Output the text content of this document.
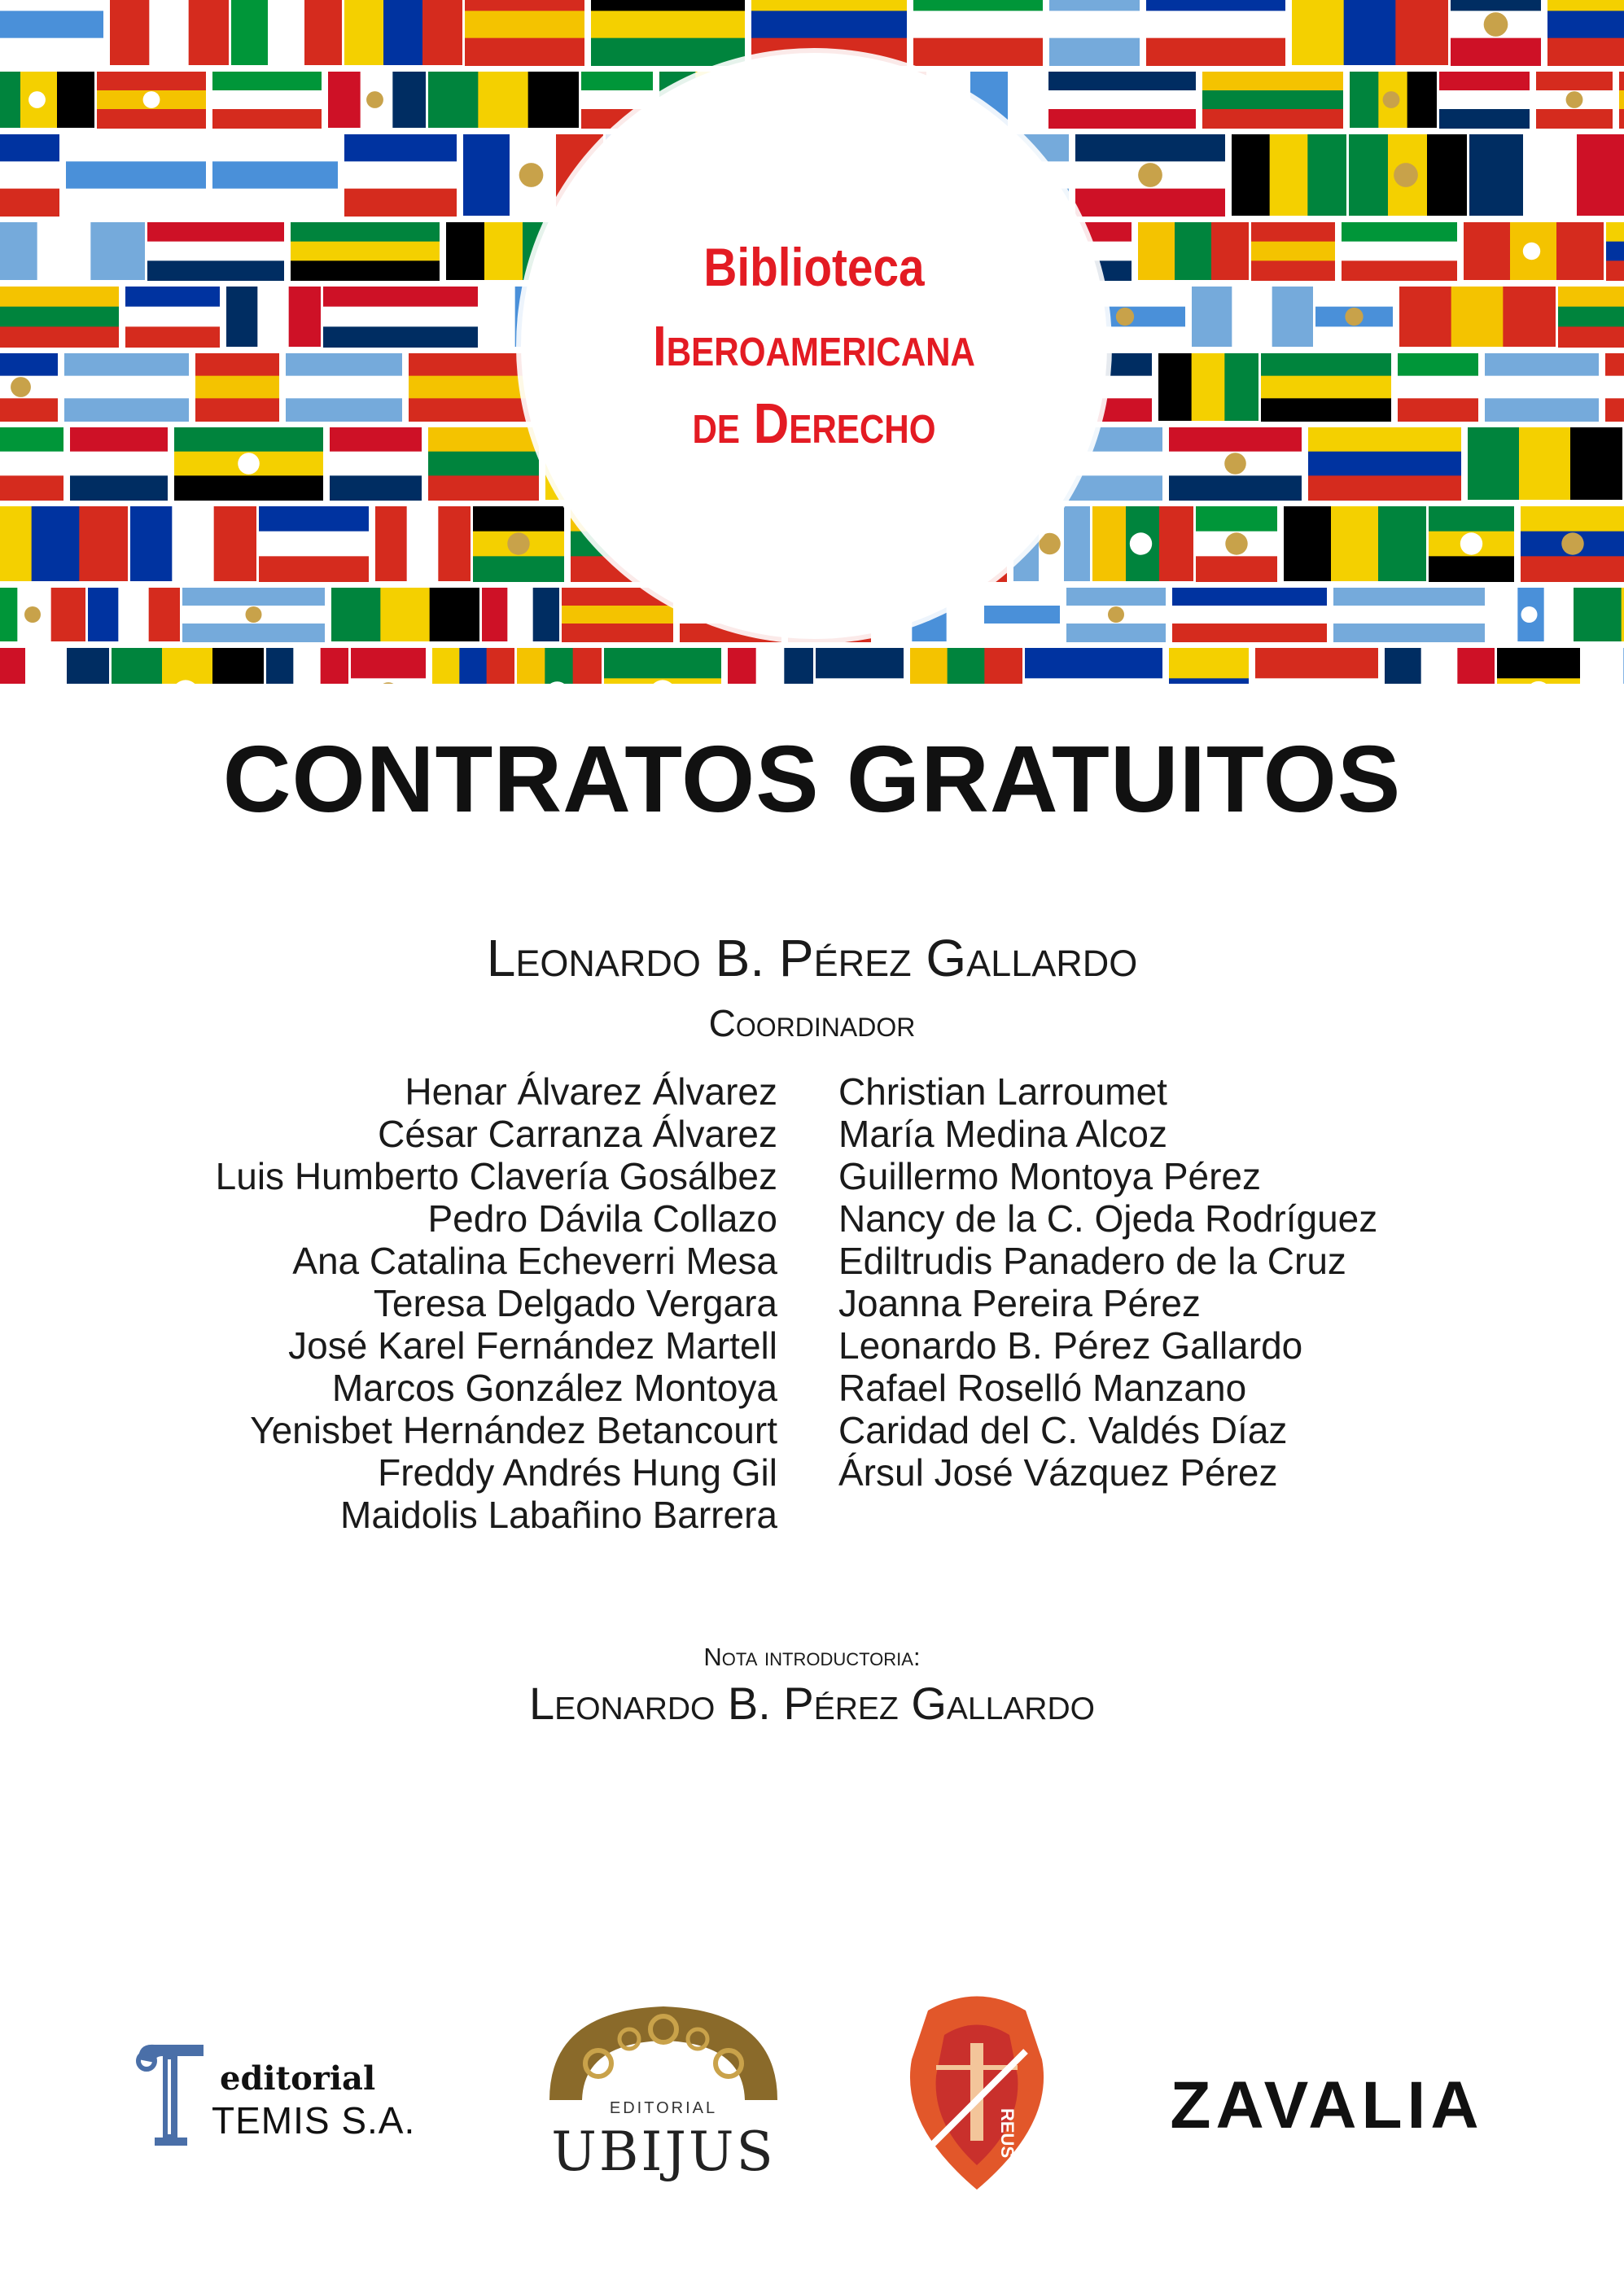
Biblioteca
Iberoamericana
de Derecho
CONTRATOS GRATUITOS
Leonardo B. Pérez Gallardo
Coordinador
Henar Álvarez Álvarez
César Carranza Álvarez
Luis Humberto Clavería Gosálbez
Pedro Dávila Collazo
Ana Catalina Echeverri Mesa
Teresa Delgado Vergara
José Karel Fernández Martell
Marcos González Montoya
Yenisbet Hernández Betancourt
Freddy Andrés Hung Gil
Maidolis Labañino Barrera
Christian Larroumet
María Medina Alcoz
Guillermo Montoya Pérez
Nancy de la C. Ojeda Rodríguez
Ediltrudis Panadero de la Cruz
Joanna Pereira Pérez
Leonardo B. Pérez Gallardo
Rafael Roselló Manzano
Caridad del C. Valdés Díaz
Ársul José Vázquez Pérez
Nota introductoria:
Leonardo B. Pérez Gallardo
editorial
TEMIS S.A.	EDITORIAL
UBIJUS	REUS ZAVALIA
